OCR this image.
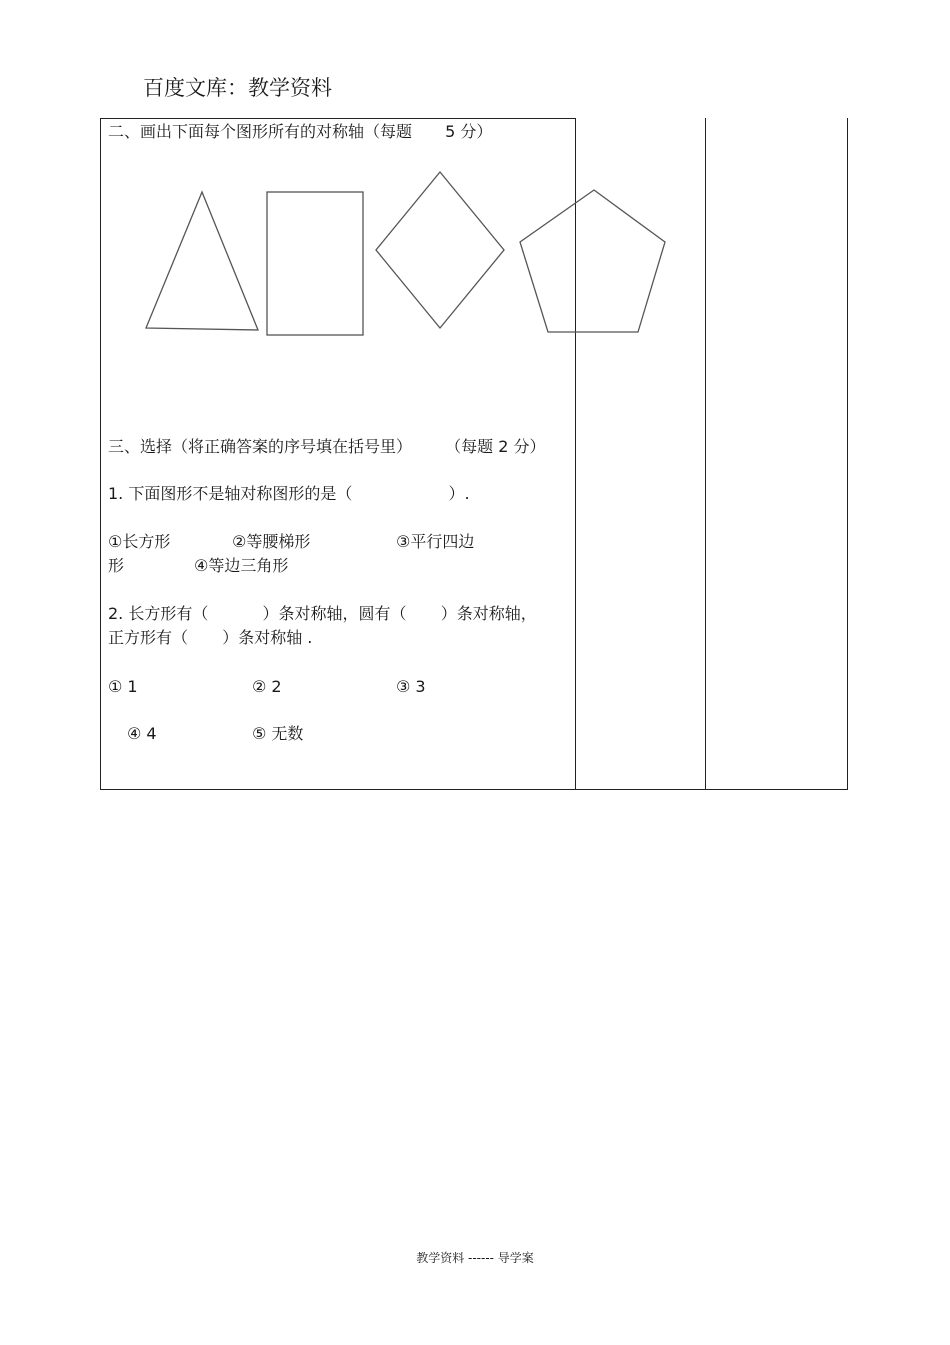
百度文库：教学资料
二、画出下面每个图形所有的对称轴（每题 5 分）
​
三、选择（将正确答案的序号填在括号里） （每题 2 分）
1. 下面图形不是轴对称图形的是（	）.
①长方形	②等腰梯形	③平行四边
形	④等边三角形
2. 长方形有（	）条对称轴，圆有（ ）条对称轴，
正方形有（ ）条对称轴 .
① 1	② 2	③ 3
④ 4	⑤ 无数
教学资料 ------ 导学案
